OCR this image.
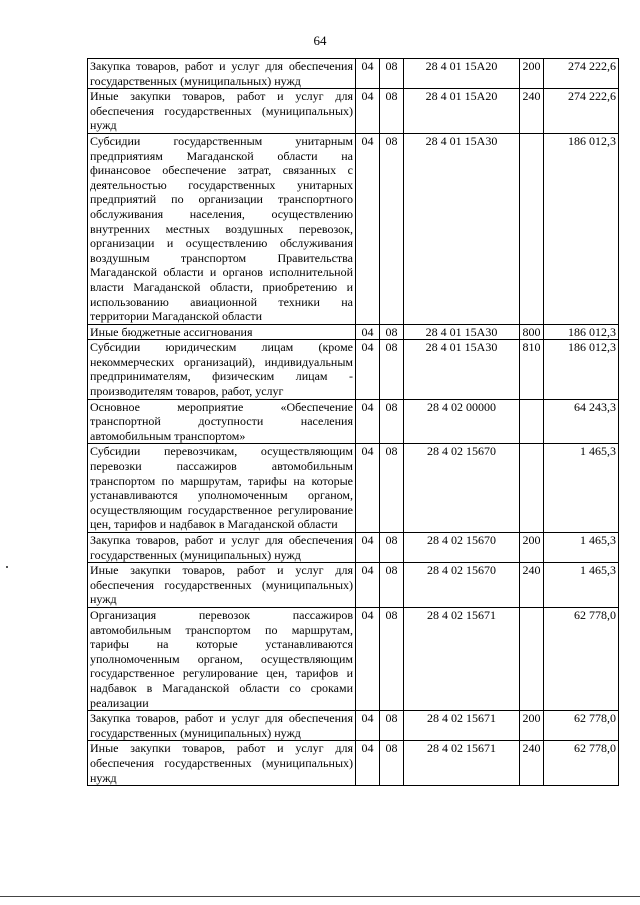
64
Закупка товаров, работ и услуг для обеспечения государственных (муниципальных) нужд	04	08	28 4 01 15А20	200	274 222,6
Иные закупки товаров, работ и услуг для обеспечения государственных (муниципальных) нужд	04	08	28 4 01 15А20	240	274 222,6
Субсидии государственным унитарным предприятиям Магаданской области на финансовое обеспечение затрат, связанных с деятельностью государственных унитарных предприятий по организации транспортного обслуживания населения, осуществлению внутренних местных воздушных перевозок, организации и осуществлению обслуживания воздушным транспортом Правительства Магаданской области и органов исполнительной власти Магаданской области, приобретению и использованию авиационной техники на территории Магаданской области	04	08	28 4 01 15А30		186 012,3
Иные бюджетные ассигнования	04	08	28 4 01 15А30	800	186 012,3
Субсидии юридическим лицам (кроме некоммерческих организаций), индивидуальным предпринимателям, физическим лицам - производителям товаров, работ, услуг	04	08	28 4 01 15А30	810	186 012,3
Основное мероприятие «Обеспечение транспортной доступности населения автомобильным транспортом»	04	08	28 4 02 00000		64 243,3
Субсидии перевозчикам, осуществляющим перевозки пассажиров автомобильным транспортом по маршрутам, тарифы на которые устанавливаются уполномоченным органом, осуществляющим государственное регулирование цен, тарифов и надбавок в Магаданской области	04	08	28 4 02 15670		1 465,3
Закупка товаров, работ и услуг для обеспечения государственных (муниципальных) нужд	04	08	28 4 02 15670	200	1 465,3
Иные закупки товаров, работ и услуг для обеспечения государственных (муниципальных) нужд	04	08	28 4 02 15670	240	1 465,3
Организация перевозок пассажиров автомобильным транспортом по маршрутам, тарифы на которые устанавливаются уполномоченным органом, осуществляющим государственное регулирование цен, тарифов и надбавок в Магаданской области со сроками реализации	04	08	28 4 02 15671		62 778,0
Закупка товаров, работ и услуг для обеспечения государственных (муниципальных) нужд	04	08	28 4 02 15671	200	62 778,0
Иные закупки товаров, работ и услуг для обеспечения государственных (муниципальных) нужд	04	08	28 4 02 15671	240	62 778,0
